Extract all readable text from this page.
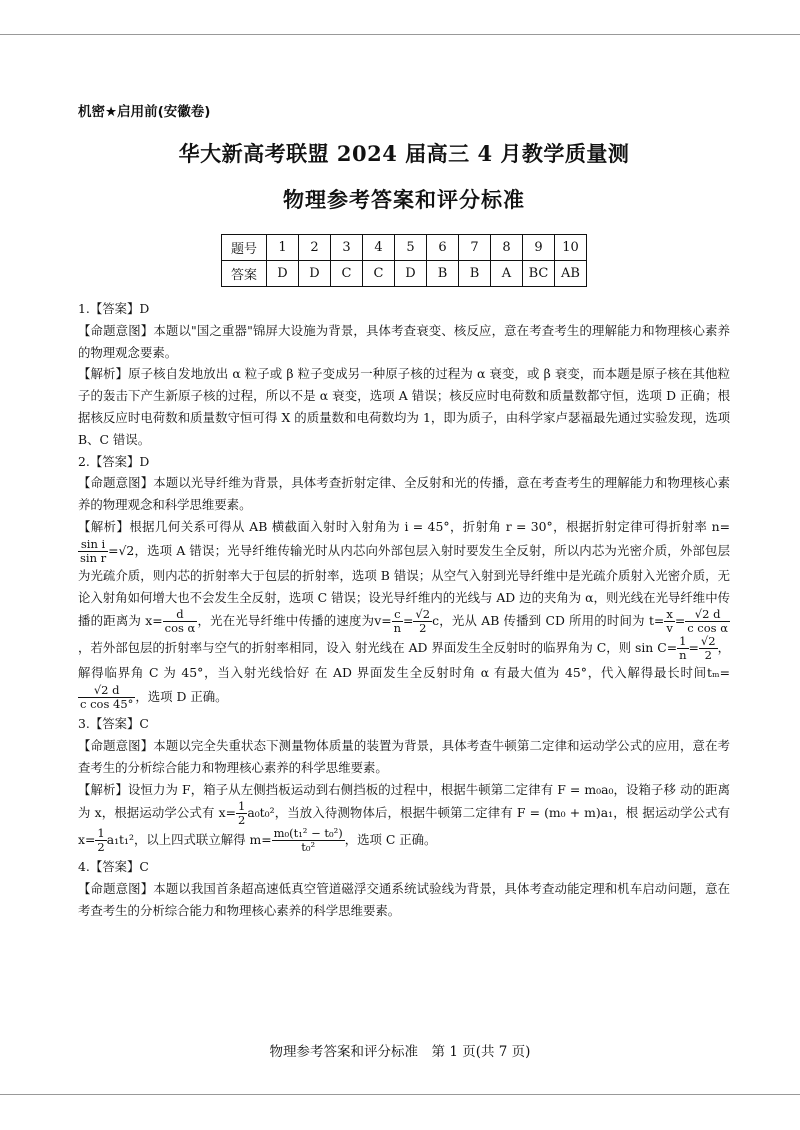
机密★启用前(安徽卷)
华大新高考联盟 2024 届高三 4 月教学质量测
物理参考答案和评分标准
题号	1	2	3	4	5	6	7	8	9	10
答案	D	D	C	C	D	B	B	A	BC	AB
1.【答案】D
【命题意图】本题以"国之重器"锦屏大设施为背景，具体考查衰变、核反应，意在考查考生的理解能力和物理核心素养的物理观念要素。
【解析】原子核自发地放出 α 粒子或 β 粒子变成另一种原子核的过程为 α 衰变，或 β 衰变，而本题是原子核在其他粒子的轰击下产生新原子核的过程，所以不是 α 衰变，选项 A 错误；核反应时电荷数和质量数都守恒，选项 D 正确；根据核反应时电荷数和质量数守恒可得 X 的质量数和电荷数均为 1，即为质子，由科学家卢瑟福最先通过实验发现，选项 B、C 错误。
2.【答案】D
【命题意图】本题以光导纤维为背景，具体考查折射定律、全反射和光的传播，意在考查考生的理解能力和物理核心素养的物理观念和科学思维要素。
【解析】根据几何关系可得从 AB 横截面入射时入射角为 i = 45°，折射角 r = 30°，根据折射定律可得折射率 n=
$\frac{\text{sin i}}{\text{sin r}} =√2$，选项 A 错误；光导纤维传输光时从内芯向外部包层入射时要发生全反射，所以内芯为光密介质，外部包层为光疏介质，则内芯的折射率大于包层的折射率，选项 B 错误；从空气入射到光导纤维中是光疏介质射入光密介质，无论入射角如何增大也不会发生全反射，选项 C 错误；设光导纤维内的光线与 AD 边的夹角为 α，则光线在光导纤维中传播的距离为 $x= \frac{d}{\text{cos α}}$ ，光在光导纤维中传播的速度为$v= \frac{c}{n} = \frac{√2}{2}$ c，光从 AB 传播到 CD 所用的时间为 $t= \frac{x}{v} = \frac{√2 d}{\text{c cos α}}$
，若外部包层的折射率与空气的折射率相同，设入 射光线在 AD 界面发生全反射时的临界角为 C，则 $\sin C= \frac{1}{n} = \frac{√2}{2}$ ，解得临界角 C 为 45°，当入射光线恰好 在 AD 界面发生全反射时角 α 有最大值为 45°，代入解得最长时间tₘ=
$\frac{√2 d}{\text{c cos 45°}}$ ，选项 D 正确。
3.【答案】C
【命题意图】本题以完全失重状态下测量物体质量的装置为背景，具体考查牛顿第二定律和运动学公式的应用，意在考查考生的分析综合能力和物理核心素养的科学思维要素。
【解析】设恒力为 F，箱子从左侧挡板运动到右侧挡板的过程中，根据牛顿第二定律有 F = m₀a₀，设箱子移 动的距离为 x，根据运动学公式有 $x= \frac{1}{2} a_0t_0^2$，当放入待测物体后，根据牛顿第二定律有 F = (m₀ + m)a₁，根 据运动学公式有 $x= \frac{1}{2} a_1t_1^2$，以上四式联立解得 $m= \frac{\text{m₀(t₁² − t₀²)}}{\text{t₀²}}$ ，选项 C 正确。
4.【答案】C
【命题意图】本题以我国首条超高速低真空管道磁浮交通系统试验线为背景，具体考查动能定理和机车启动问题，意在考查考生的分析综合能力和物理核心素养的科学思维要素。
物理参考答案和评分标准　第 1 页(共 7 页)
